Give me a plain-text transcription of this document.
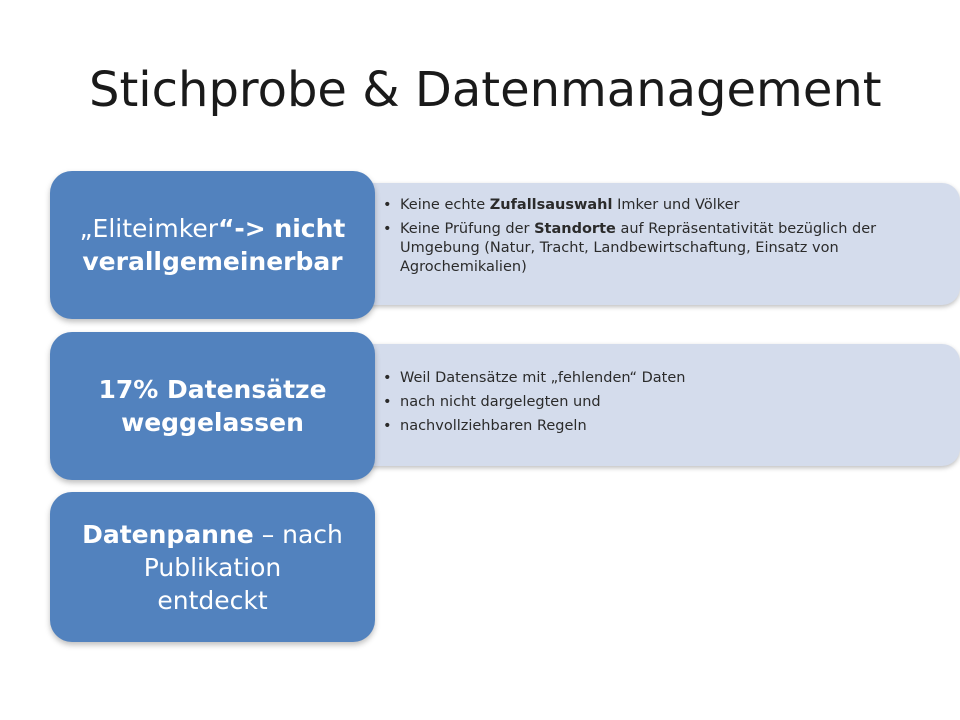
Stichprobe & Datenmanagement
• Keine echte Zufallsauswahl Imker und Völker
• Keine Prüfung der Standorte auf Repräsentativität bezüglich der Umgebung (Natur, Tracht, Landbewirtschaftung, Einsatz von Agrochemikalien)
„Eliteimker“-> nicht
verallgemeinerbar
• Weil Datensätze mit „fehlenden“ Daten
• nach nicht dargelegten und
• nachvollziehbaren Regeln
17% Datensätze
weggelassen
Datenpanne – nach
Publikation
entdeckt
